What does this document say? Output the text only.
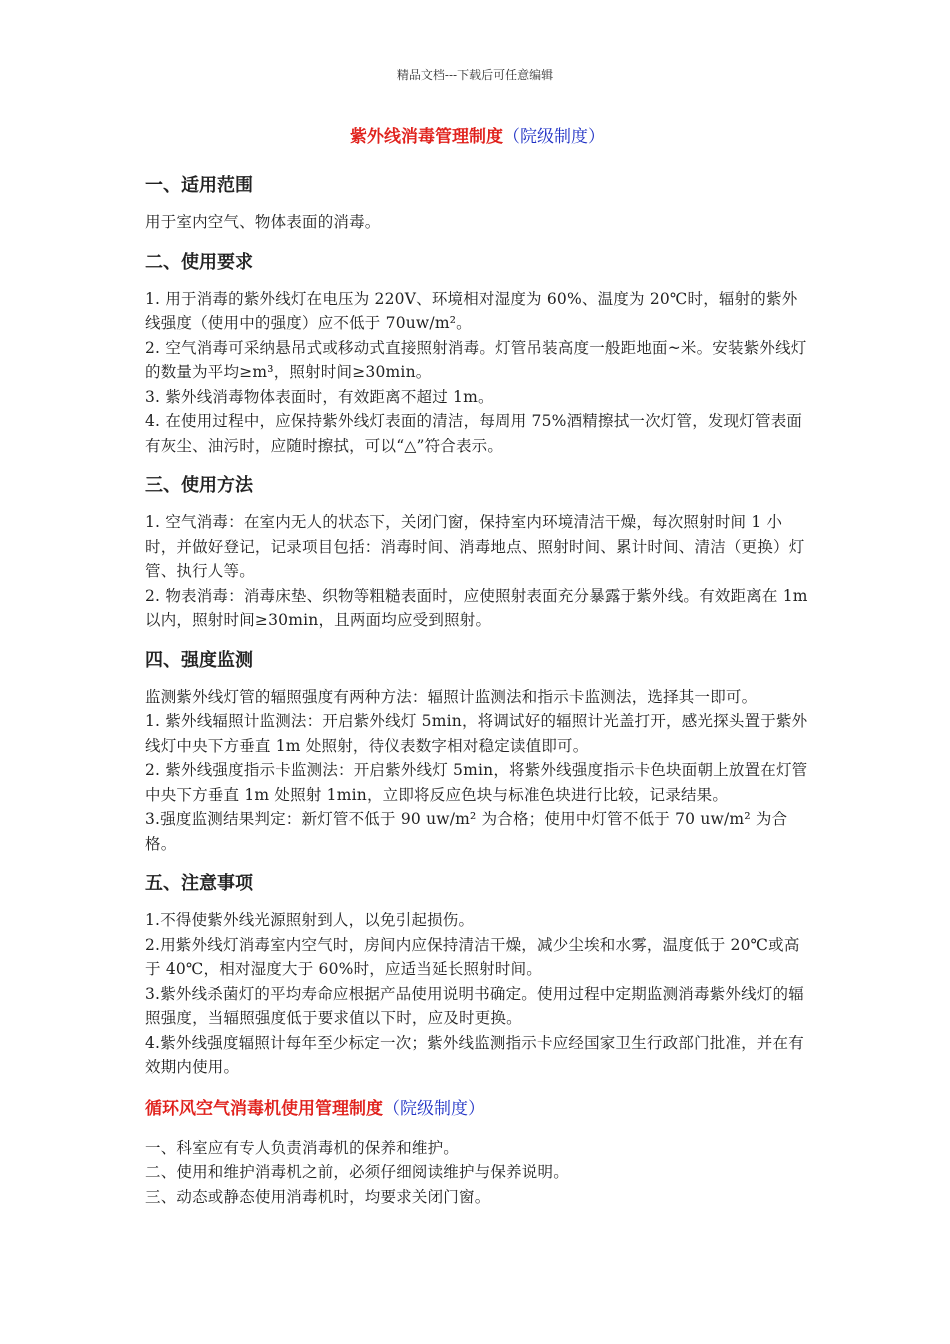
精品文档---下载后可任意编辑
紫外线消毒管理制度（院级制度）
一、适用范围

用于室内空气、物体表面的消毒。

二、使用要求

1. 用于消毒的紫外线灯在电压为 220V、环境相对湿度为 60%、温度为 20℃时，辐射的紫外线强度（使用中的强度）应不低于 70uw/m²。

2. 空气消毒可采纳悬吊式或移动式直接照射消毒。灯管吊装高度一般距地面~米。安装紫外线灯的数量为平均≥m³，照射时间≥30min。

3. 紫外线消毒物体表面时，有效距离不超过 1m。

4. 在使用过程中，应保持紫外线灯表面的清洁，每周用 75%酒精擦拭一次灯管，发现灯管表面有灰尘、油污时，应随时擦拭，可以“△”符合表示。

三、使用方法

1. 空气消毒：在室内无人的状态下，关闭门窗，保持室内环境清洁干燥，每次照射时间 1 小时，并做好登记，记录项目包括：消毒时间、消毒地点、照射时间、累计时间、清洁（更换）灯管、执行人等。

2. 物表消毒：消毒床垫、织物等粗糙表面时，应使照射表面充分暴露于紫外线。有效距离在 1m 以内，照射时间≥30min，且两面均应受到照射。

四、强度监测

监测紫外线灯管的辐照强度有两种方法：辐照计监测法和指示卡监测法，选择其一即可。

1. 紫外线辐照计监测法：开启紫外线灯 5min，将调试好的辐照计光盖打开，感光探头置于紫外线灯中央下方垂直 1m 处照射，待仪表数字相对稳定读值即可。

2. 紫外线强度指示卡监测法：开启紫外线灯 5min，将紫外线强度指示卡色块面朝上放置在灯管中央下方垂直 1m 处照射 1min，立即将反应色块与标准色块进行比较，记录结果。

3.强度监测结果判定：新灯管不低于 90 uw/m² 为合格；使用中灯管不低于 70 uw/m² 为合格。

五、注意事项

1.不得使紫外线光源照射到人，以免引起损伤。

2.用紫外线灯消毒室内空气时，房间内应保持清洁干燥，减少尘埃和水雾，温度低于 20℃或高于 40℃，相对湿度大于 60%时，应适当延长照射时间。

3.紫外线杀菌灯的平均寿命应根据产品使用说明书确定。使用过程中定期监测消毒紫外线灯的辐照强度，当辐照强度低于要求值以下时，应及时更换。

4.紫外线强度辐照计每年至少标定一次；紫外线监测指示卡应经国家卫生行政部门批准，并在有效期内使用。

循环风空气消毒机使用管理制度（院级制度）

一、科室应有专人负责消毒机的保养和维护。

二、使用和维护消毒机之前，必须仔细阅读维护与保养说明。

三、动态或静态使用消毒机时，均要求关闭门窗。
